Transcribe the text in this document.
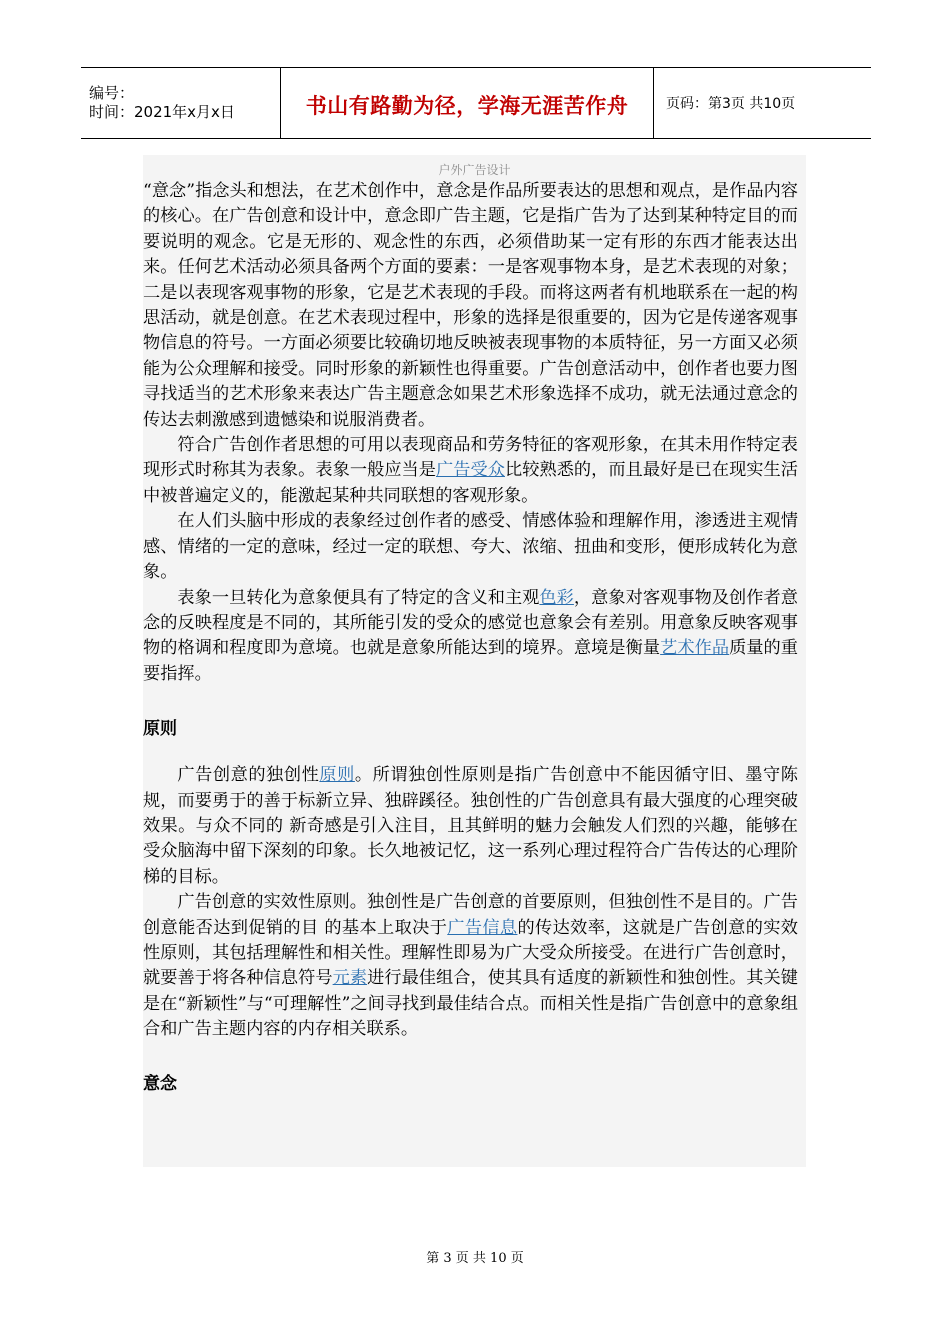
编号：
时间：2021年x月x日	书山有路勤为径，学海无涯苦作舟	页码：第3页 共10页
户外广告设计

“意念”指念头和想法，在艺术创作中，意念是作品所要表达的思想和观点，是作品内容的核心。在广告创意和设计中，意念即广告主题，它是指广告为了达到某种特定目的而要说明的观念。它是无形的、观念性的东西，必须借助某一定有形的东西才能表达出来。任何艺术活动必须具备两个方面的要素：一是客观事物本身，是艺术表现的对象；二是以表现客观事物的形象，它是艺术表现的手段。而将这两者有机地联系在一起的构思活动，就是创意。在艺术表现过程中，形象的选择是很重要的，因为它是传递客观事物信息的符号。一方面必须要比较确切地反映被表现事物的本质特征，另一方面又必须能为公众理解和接受。同时形象的新颖性也得重要。广告创意活动中，创作者也要力图寻找适当的艺术形象来表达广告主题意念如果艺术形象选择不成功，就无法通过意念的传达去刺激感到遗憾染和说服消费者。

符合广告创作者思想的可用以表现商品和劳务特征的客观形象，在其未用作特定表现形式时称其为表象。表象一般应当是广告受众比较熟悉的，而且最好是已在现实生活中被普遍定义的，能激起某种共同联想的客观形象。

在人们头脑中形成的表象经过创作者的感受、情感体验和理解作用，渗透进主观情感、情绪的一定的意味，经过一定的联想、夸大、浓缩、扭曲和变形，便形成转化为意象。

表象一旦转化为意象便具有了特定的含义和主观色彩，意象对客观事物及创作者意念的反映程度是不同的，其所能引发的受众的感觉也意象会有差别。用意象反映客观事物的格调和程度即为意境。也就是意象所能达到的境界。意境是衡量艺术作品质量的重要指挥。

原则

广告创意的独创性原则。所谓独创性原则是指广告创意中不能因循守旧、墨守陈规，而要勇于的善于标新立异、独辟蹊径。独创性的广告创意具有最大强度的心理突破效果。与众不同的 新奇感是引入注目，且其鲜明的魅力会触发人们烈的兴趣，能够在受众脑海中留下深刻的印象。长久地被记忆，这一系列心理过程符合广告传达的心理阶梯的目标。

广告创意的实效性原则。独创性是广告创意的首要原则，但独创性不是目的。广告创意能否达到促销的目 的基本上取决于广告信息的传达效率，这就是广告创意的实效性原则，其包括理解性和相关性。理解性即易为广大受众所接受。在进行广告创意时，就要善于将各种信息符号元素进行最佳组合，使其具有适度的新颖性和独创性。其关键是在“新颖性”与“可理解性”之间寻找到最佳结合点。而相关性是指广告创意中的意象组合和广告主题内容的内存相关联系。

意念
第 3 页 共 10 页
